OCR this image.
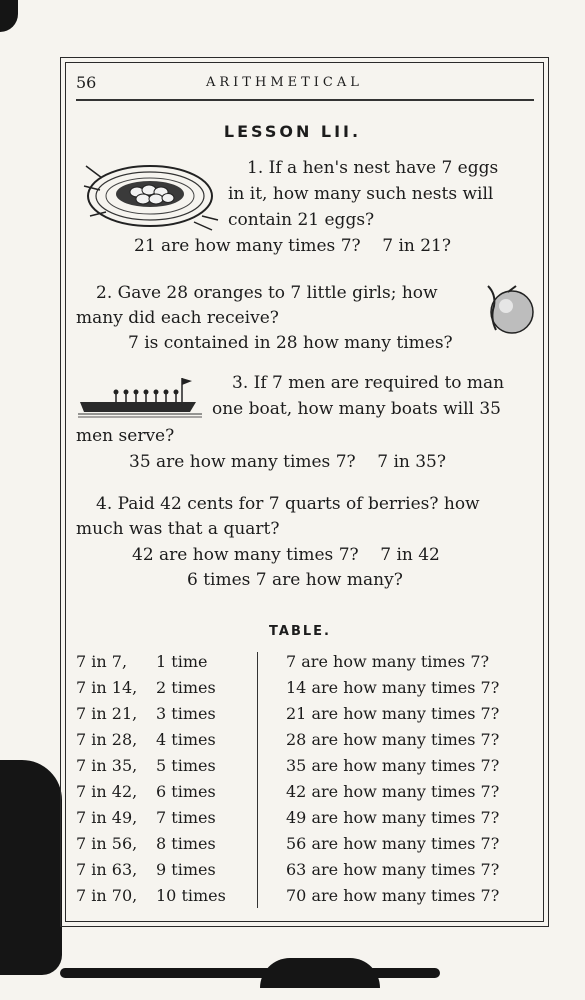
56	ARITHMETICAL
LESSON LII.
1. If a hen's nest have 7 eggs
in it, how many such nests will
contain 21 eggs?
21 are how many times 7?    7 in 21?
2. Gave 28 oranges to 7 little girls; how
many did each receive?
7 is contained in 28 how many times?
3. If 7 men are required to man
one boat, how many boats will 35
men serve?
35 are how many times 7?    7 in 35?
4. Paid 42 cents for 7 quarts of berries? how
much was that a quart?
42 are how many times 7?    7 in 42
6 times 7 are how many?
TABLE.
7 in 7, 1 time	7 are how many times 7?
7 in 14, 2 times	14 are how many times 7?
7 in 21, 3 times	21 are how many times 7?
7 in 28, 4 times	28 are how many times 7?
7 in 35, 5 times	35 are how many times 7?
7 in 42, 6 times	42 are how many times 7?
7 in 49, 7 times	49 are how many times 7?
7 in 56, 8 times	56 are how many times 7?
7 in 63, 9 times	63 are how many times 7?
7 in 70, 10 times	70 are how many times 7?
